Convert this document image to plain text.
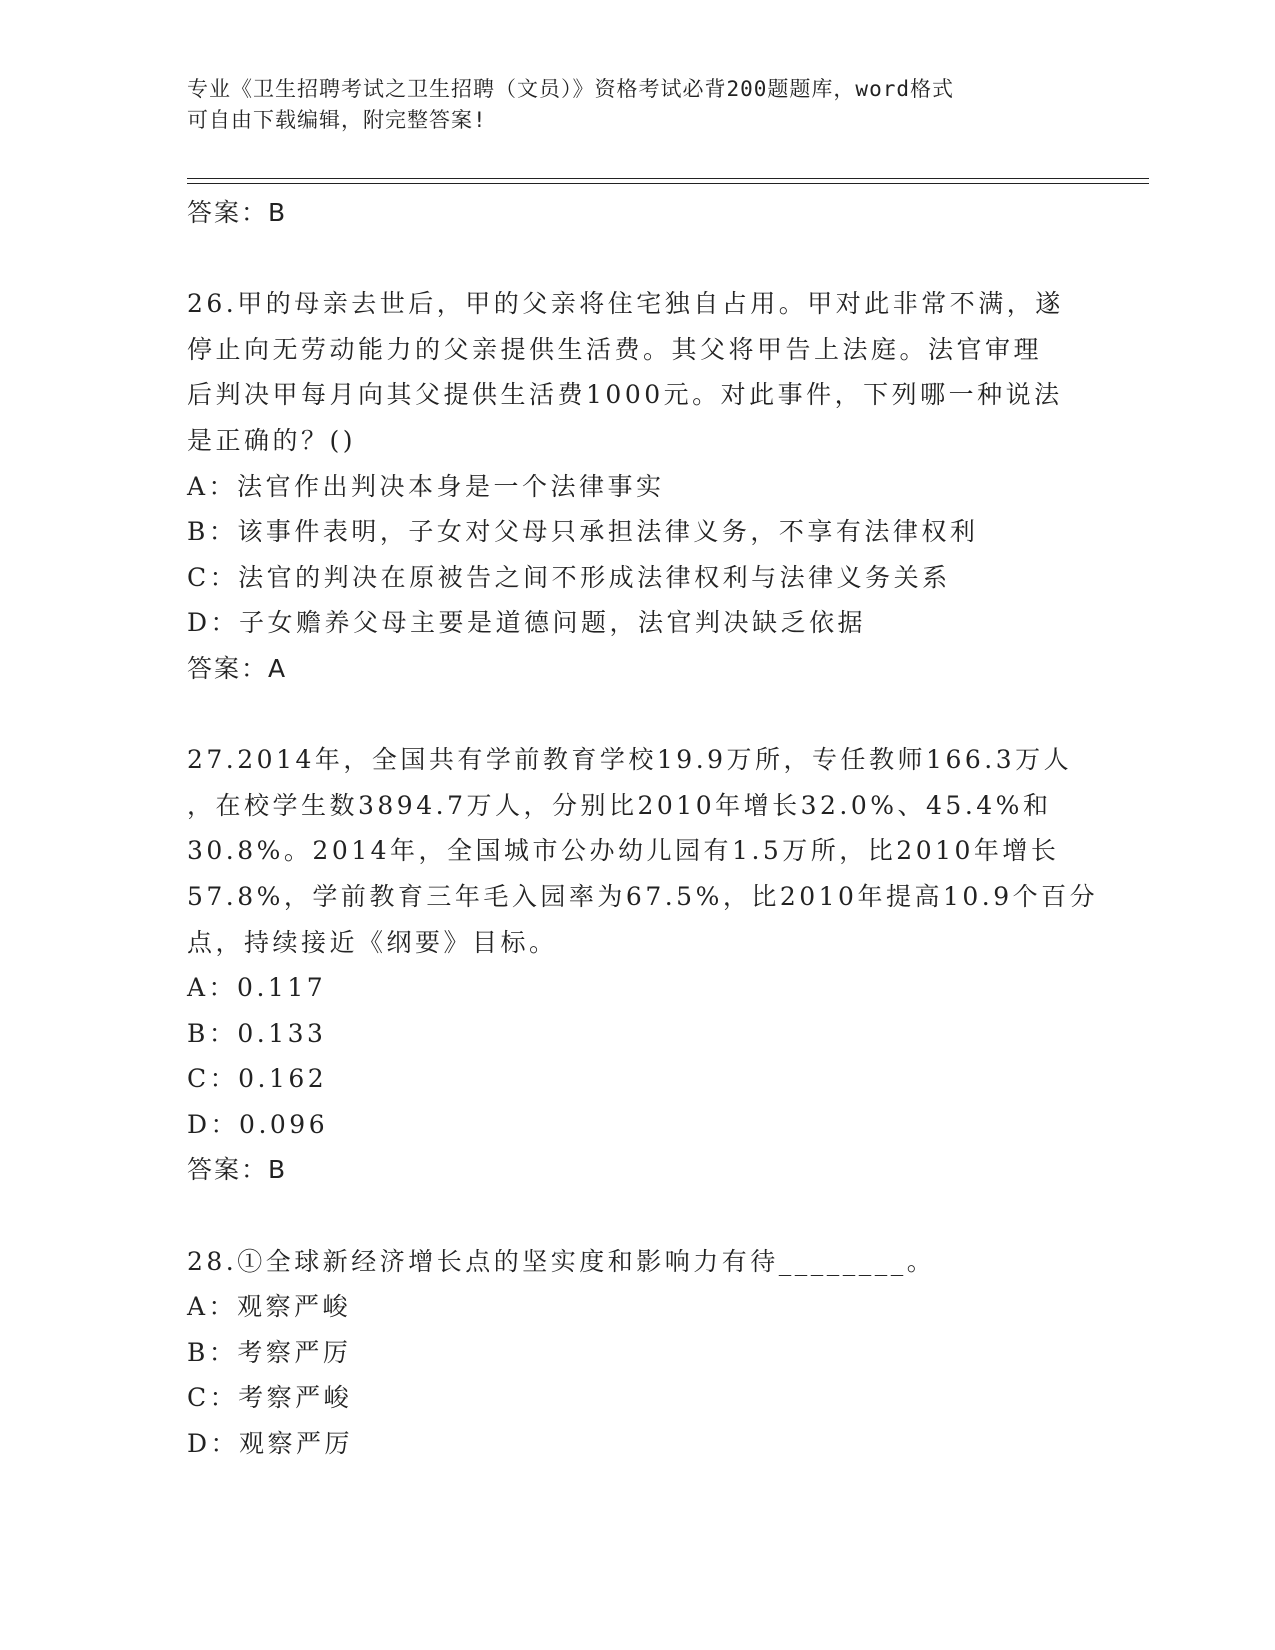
专业《卫生招聘考试之卫生招聘（文员）》资格考试必背200题题库，word格式
可自由下载编辑，附完整答案!
答案：B
26.甲的母亲去世后，甲的父亲将住宅独自占用。甲对此非常不满，遂
停止向无劳动能力的父亲提供生活费。其父将甲告上法庭。法官审理
后判决甲每月向其父提供生活费1000元。对此事件，下列哪一种说法
是正确的？()
A：法官作出判决本身是一个法律事实
B：该事件表明，子女对父母只承担法律义务，不享有法律权利
C：法官的判决在原被告之间不形成法律权利与法律义务关系
D：子女赡养父母主要是道德问题，法官判决缺乏依据
答案：A
27.2014年，全国共有学前教育学校19.9万所，专任教师166.3万人
，在校学生数3894.7万人，分别比2010年增长32.0%、45.4%和
30.8%。2014年，全国城市公办幼儿园有1.5万所，比2010年增长
57.8%，学前教育三年毛入园率为67.5%，比2010年提高10.9个百分
点，持续接近《纲要》目标。
A：0.117
B：0.133
C：0.162
D：0.096
答案：B
28.①全球新经济增长点的坚实度和影响力有待________。
A：观察严峻
B：考察严厉
C：考察严峻
D：观察严厉
